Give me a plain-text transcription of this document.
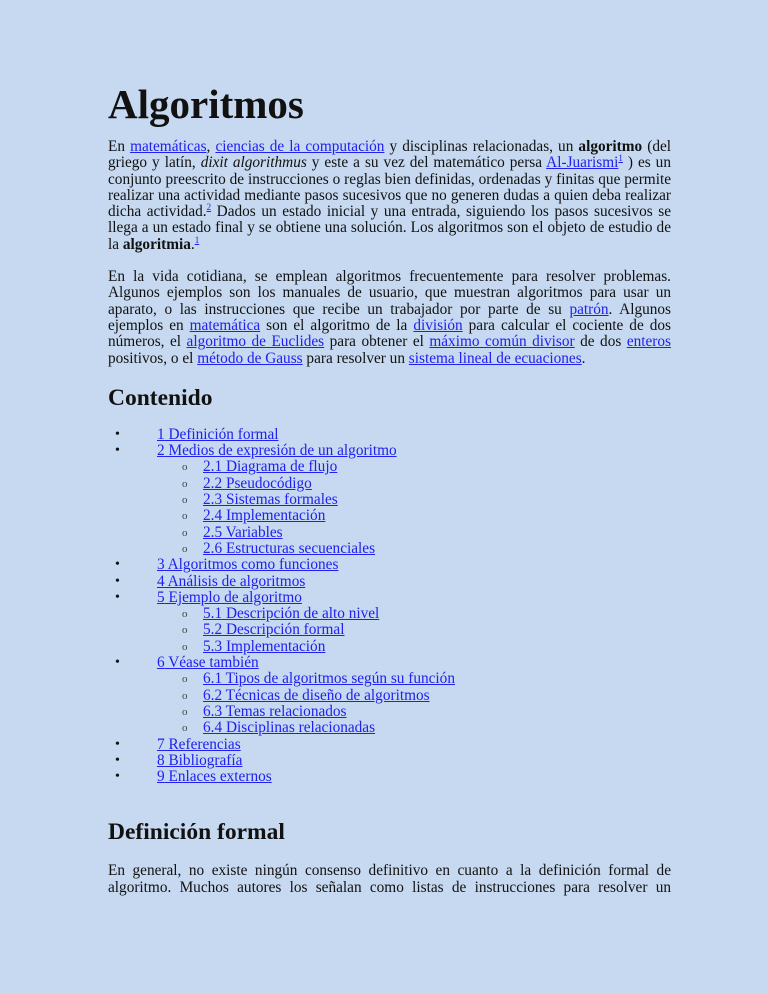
Algoritmos

En matemáticas, ciencias de la computación y disciplinas relacionadas, un algoritmo (del griego y latín, dixit algorithmus y este a su vez del matemático persa Al-Juarismi$^1$ ) es un conjunto preescrito de instrucciones o reglas bien definidas, ordenadas y finitas que permite realizar una actividad mediante pasos sucesivos que no generen dudas a quien deba realizar dicha actividad.$^2$ Dados un estado inicial y una entrada, siguiendo los pasos sucesivos se llega a un estado final y se obtiene una solución. Los algoritmos son el objeto de estudio de la algoritmia.$^1$

En la vida cotidiana, se emplean algoritmos frecuentemente para resolver problemas. Algunos ejemplos son los manuales de usuario, que muestran algoritmos para usar un aparato, o las instrucciones que recibe un trabajador por parte de su patrón. Algunos ejemplos en matemática son el algoritmo de la división para calcular el cociente de dos números, el algoritmo de Euclides para obtener el máximo común divisor de dos enteros positivos, o el método de Gauss para resolver un sistema lineal de ecuaciones.

Contenido
• 1 Definición formal
• 2 Medios de expresión de un algoritmo
o 2.1 Diagrama de flujo
o 2.2 Pseudocódigo
o 2.3 Sistemas formales
o 2.4 Implementación
o 2.5 Variables
o 2.6 Estructuras secuenciales
• 3 Algoritmos como funciones
• 4 Análisis de algoritmos
• 5 Ejemplo de algoritmo
o 5.1 Descripción de alto nivel
o 5.2 Descripción formal
o 5.3 Implementación
• 6 Véase también
o 6.1 Tipos de algoritmos según su función
o 6.2 Técnicas de diseño de algoritmos
o 6.3 Temas relacionados
o 6.4 Disciplinas relacionadas
• 7 Referencias
• 8 Bibliografía
• 9 Enlaces externos
Definición formal

En general, no existe ningún consenso definitivo en cuanto a la definición formal de algoritmo. Muchos autores los señalan como listas de instrucciones para resolver un
